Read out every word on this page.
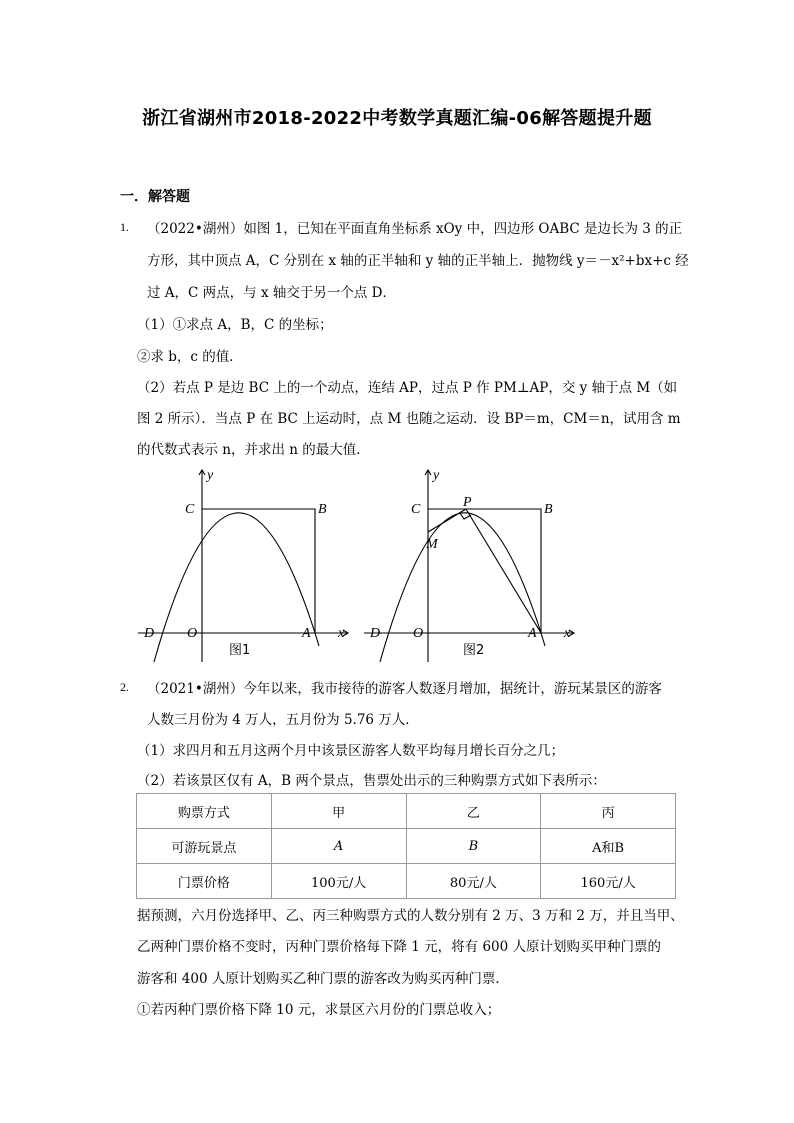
浙江省湖州市2018-2022中考数学真题汇编-06解答题提升题
一．解答题
1. （2022•湖州）如图 1，已知在平面直角坐标系 xOy 中，四边形 OABC 是边长为 3 的正
方形，其中顶点 A，C 分别在 x 轴的正半轴和 y 轴的正半轴上．抛物线 y＝－x²+bx+c 经
过 A，C 两点，与 x 轴交于另一个点 D．
（1）①求点 A，B，C 的坐标；
②求 b，c 的值．
（2）若点 P 是边 BC 上的一个动点，连结 AP，过点 P 作 PM⊥AP，交 y 轴于点 M（如
图 2 所示）．当点 P 在 BC 上运动时，点 M 也随之运动．设 BP＝m，CM＝n，试用含 m
的代数式表示 n，并求出 n 的最大值．
y
C	B
D O	A x
图1
y
C	P	B
M
D O	A x
图2
2. （2021•湖州）今年以来，我市接待的游客人数逐月增加，据统计，游玩某景区的游客
人数三月份为 4 万人，五月份为 5.76 万人．
（1）求四月和五月这两个月中该景区游客人数平均每月增长百分之几；
（2）若该景区仅有 A，B 两个景点，售票处出示的三种购票方式如下表所示：
购票方式	甲	乙	丙
可游玩景点	A	B	A和B
门票价格	100元/人	80元/人	160元/人
据预测，六月份选择甲、乙、丙三种购票方式的人数分别有 2 万、3 万和 2 万，并且当甲、
乙两种门票价格不变时，丙种门票价格每下降 1 元，将有 600 人原计划购买甲种门票的
游客和 400 人原计划购买乙种门票的游客改为购买丙种门票．
①若丙种门票价格下降 10 元，求景区六月份的门票总收入；
